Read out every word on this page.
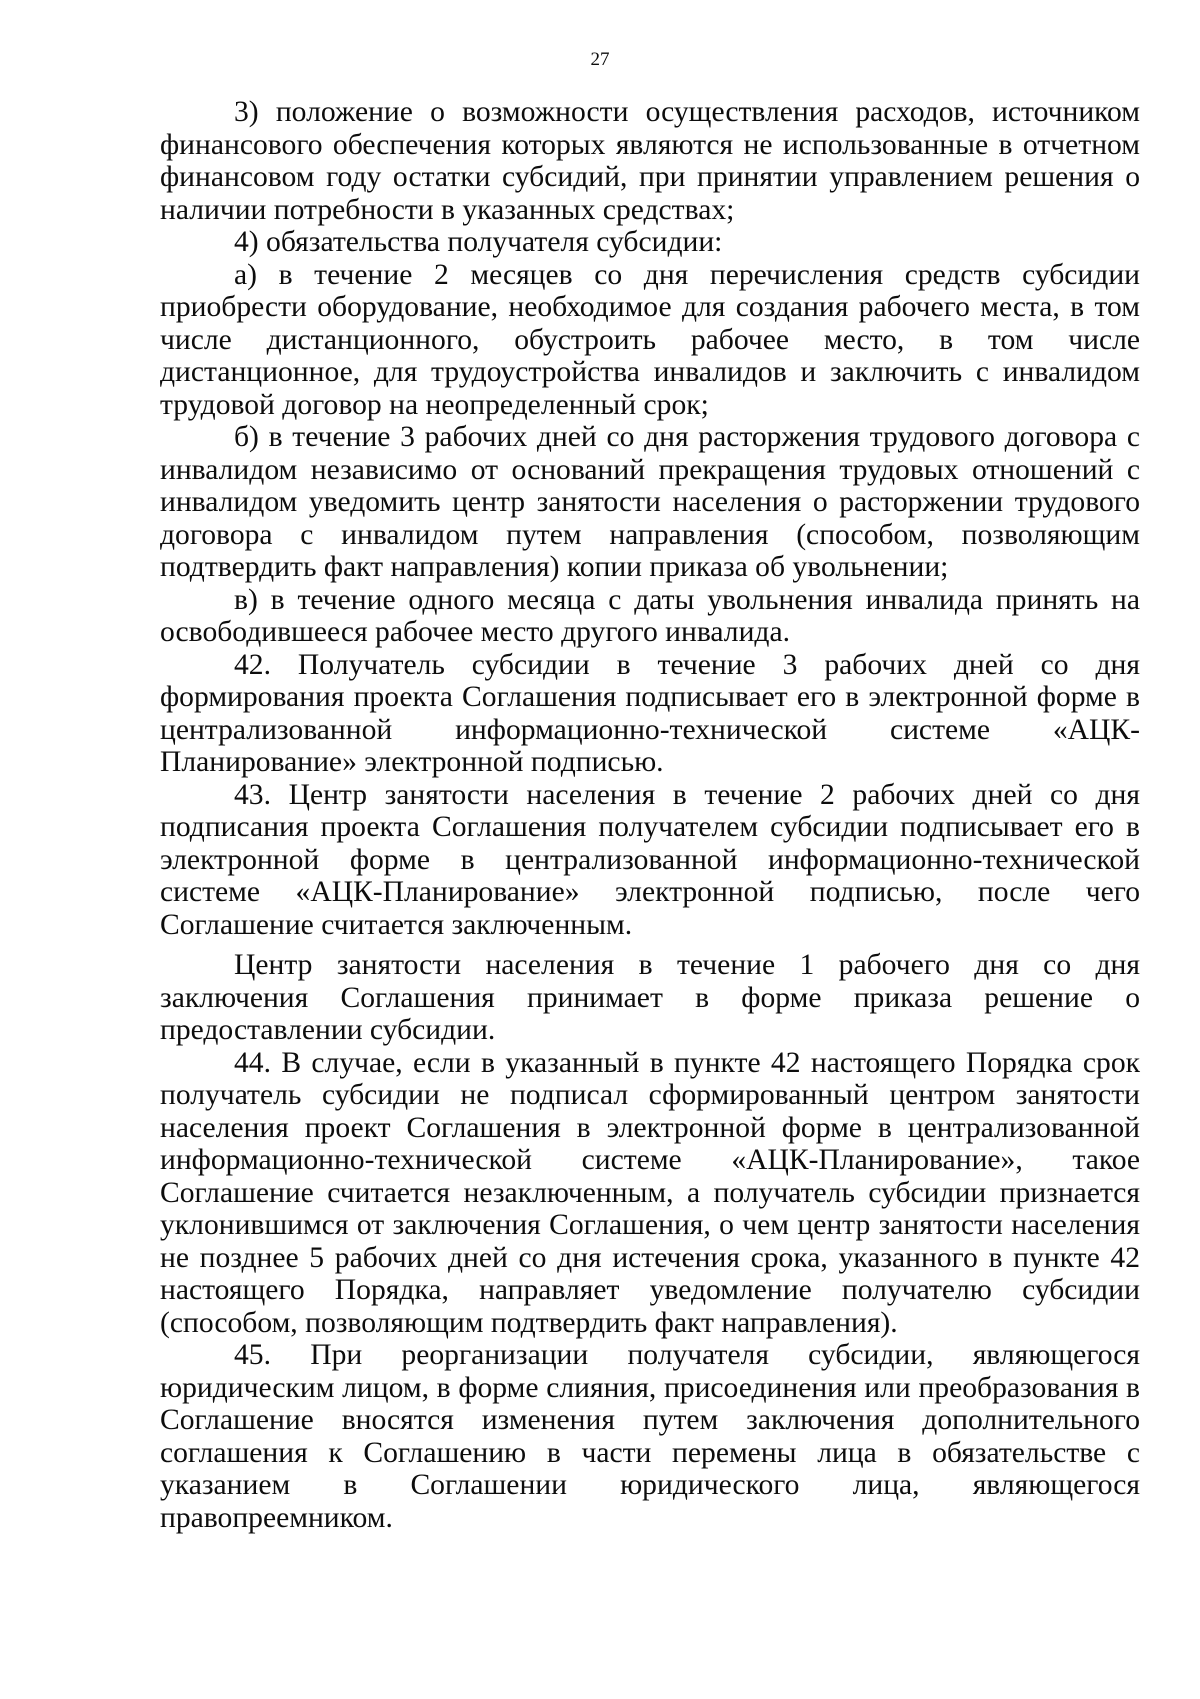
27

3) положение о возможности осуществления расходов, источником финансового обеспечения которых являются не использованные в отчетном финансовом году остатки субсидий, при принятии управлением решения о наличии потребности в указанных средствах;

4) обязательства получателя субсидии:

а) в течение 2 месяцев со дня перечисления средств субсидии приобрести оборудование, необходимое для создания рабочего места, в том числе дистанционного, обустроить рабочее место, в том числе дистанционное, для трудоустройства инвалидов и заключить с инвалидом трудовой договор на неопределенный срок;

б) в течение 3 рабочих дней со дня расторжения трудового договора с инвалидом независимо от оснований прекращения трудовых отношений с инвалидом уведомить центр занятости населения о расторжении трудового договора с инвалидом путем направления (способом, позволяющим подтвердить факт направления) копии приказа об увольнении;

в) в течение одного месяца с даты увольнения инвалида принять на освободившееся рабочее место другого инвалида.

42. Получатель субсидии в течение 3 рабочих дней со дня формирования проекта Соглашения подписывает его в электронной форме в централизованной информационно-технической системе «АЦК-Планирование» электронной подписью.

43. Центр занятости населения в течение 2 рабочих дней со дня подписания проекта Соглашения получателем субсидии подписывает его в электронной форме в централизованной информационно-технической системе «АЦК-Планирование» электронной подписью, после чего Соглашение считается заключенным.

Центр занятости населения в течение 1 рабочего дня со дня заключения Соглашения принимает в форме приказа решение о предоставлении субсидии.

44. В случае, если в указанный в пункте 42 настоящего Порядка срок получатель субсидии не подписал сформированный центром занятости населения проект Соглашения в электронной форме в централизованной информационно-технической системе «АЦК-Планирование», такое Соглашение считается незаключенным, а получатель субсидии признается уклонившимся от заключения Соглашения, о чем центр занятости населения не позднее 5 рабочих дней со дня истечения срока, указанного в пункте 42 настоящего Порядка, направляет уведомление получателю субсидии (способом, позволяющим подтвердить факт направления).

45. При реорганизации получателя субсидии, являющегося юридическим лицом, в форме слияния, присоединения или преобразования в Соглашение вносятся изменения путем заключения дополнительного соглашения к Соглашению в части перемены лица в обязательстве с указанием в Соглашении юридического лица, являющегося правопреемником.
